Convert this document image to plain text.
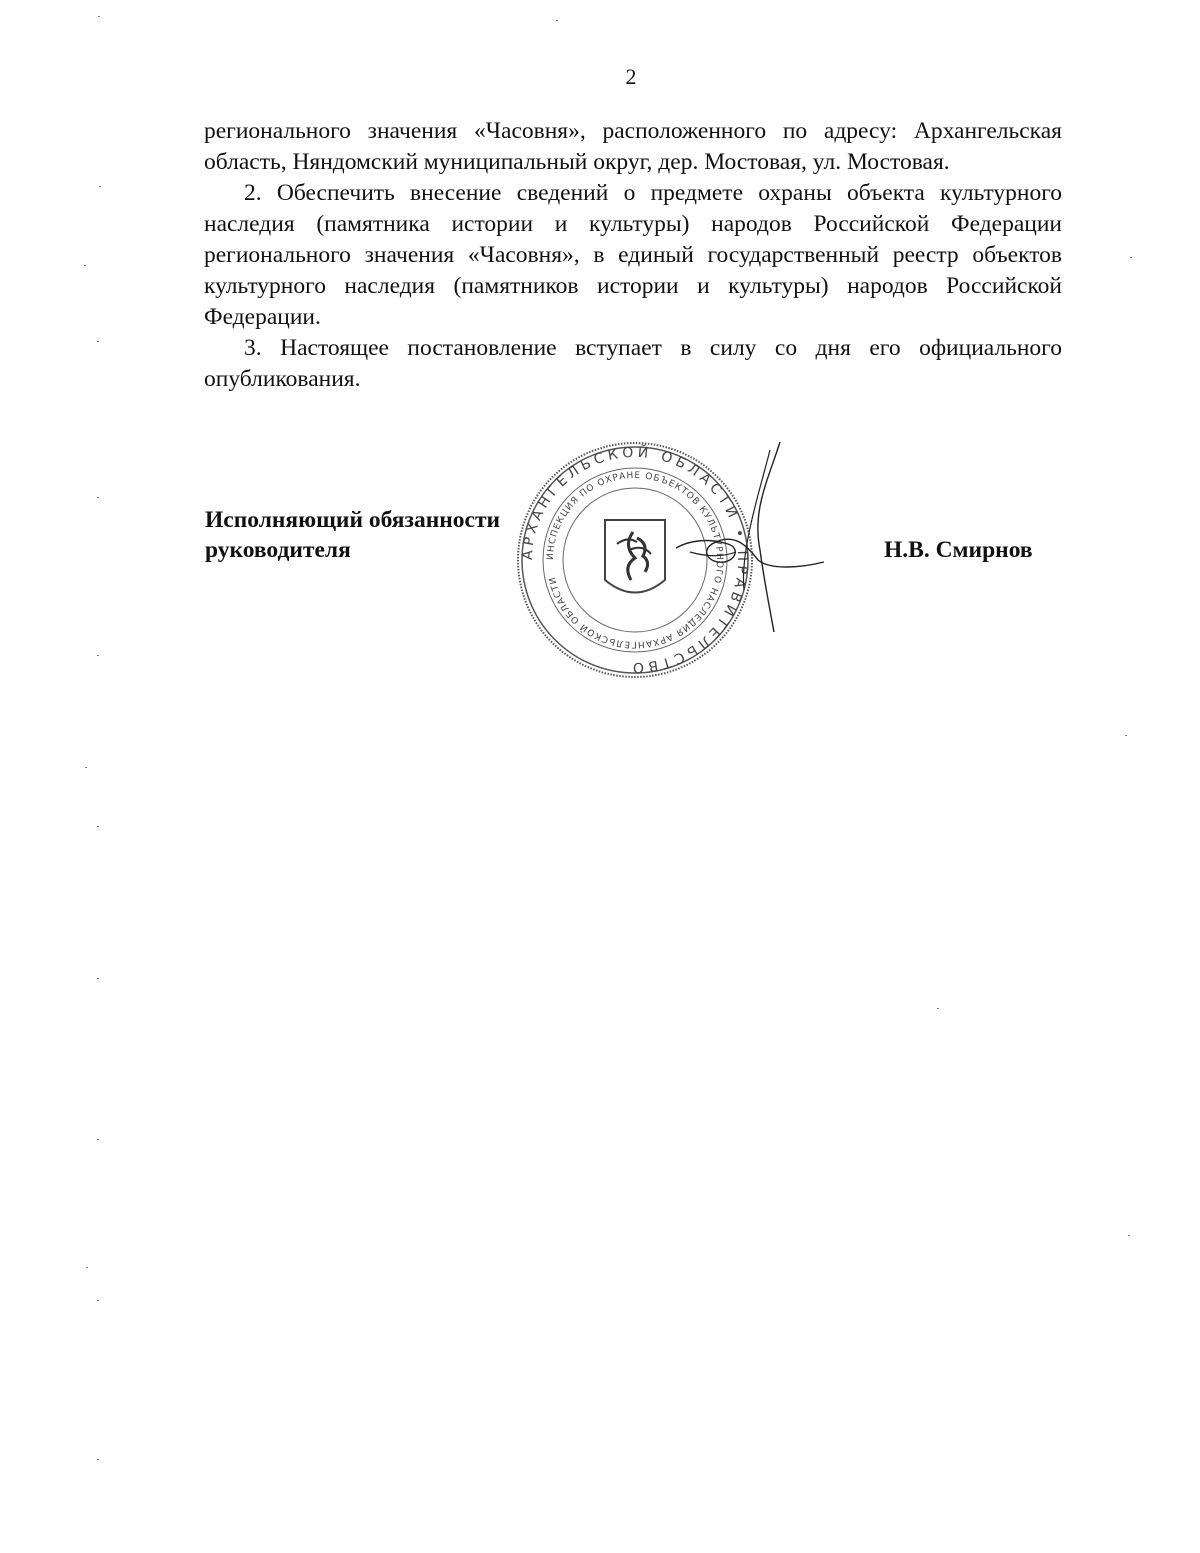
2

регионального значения «Часовня», расположенного по адресу: Архангельская область, Няндомский муниципальный округ, дер. Мостовая, ул. Мостовая.

2. Обеспечить внесение сведений о предмете охраны объекта культурного наследия (памятника истории и культуры) народов Российской Федерации регионального значения «Часовня», в единый государственный реестр объектов культурного наследия (памятников истории и культуры) народов Российской Федерации.

3. Настоящее постановление вступает в силу со дня его официального опубликования.

Исполняющий обязанности
руководителя	АРХАНГЕЛЬСКОЙ ОБЛАСТИ • ПРАВИТЕЛЬСТВО
ИНСПЕКЦИЯ ПО ОХРАНЕ ОБЪЕКТОВ КУЛЬТУРНОГО НАСЛЕДИЯ АРХАНГЕЛЬСКОЙ ОБЛАСТИ
Н.В. Смирнов
